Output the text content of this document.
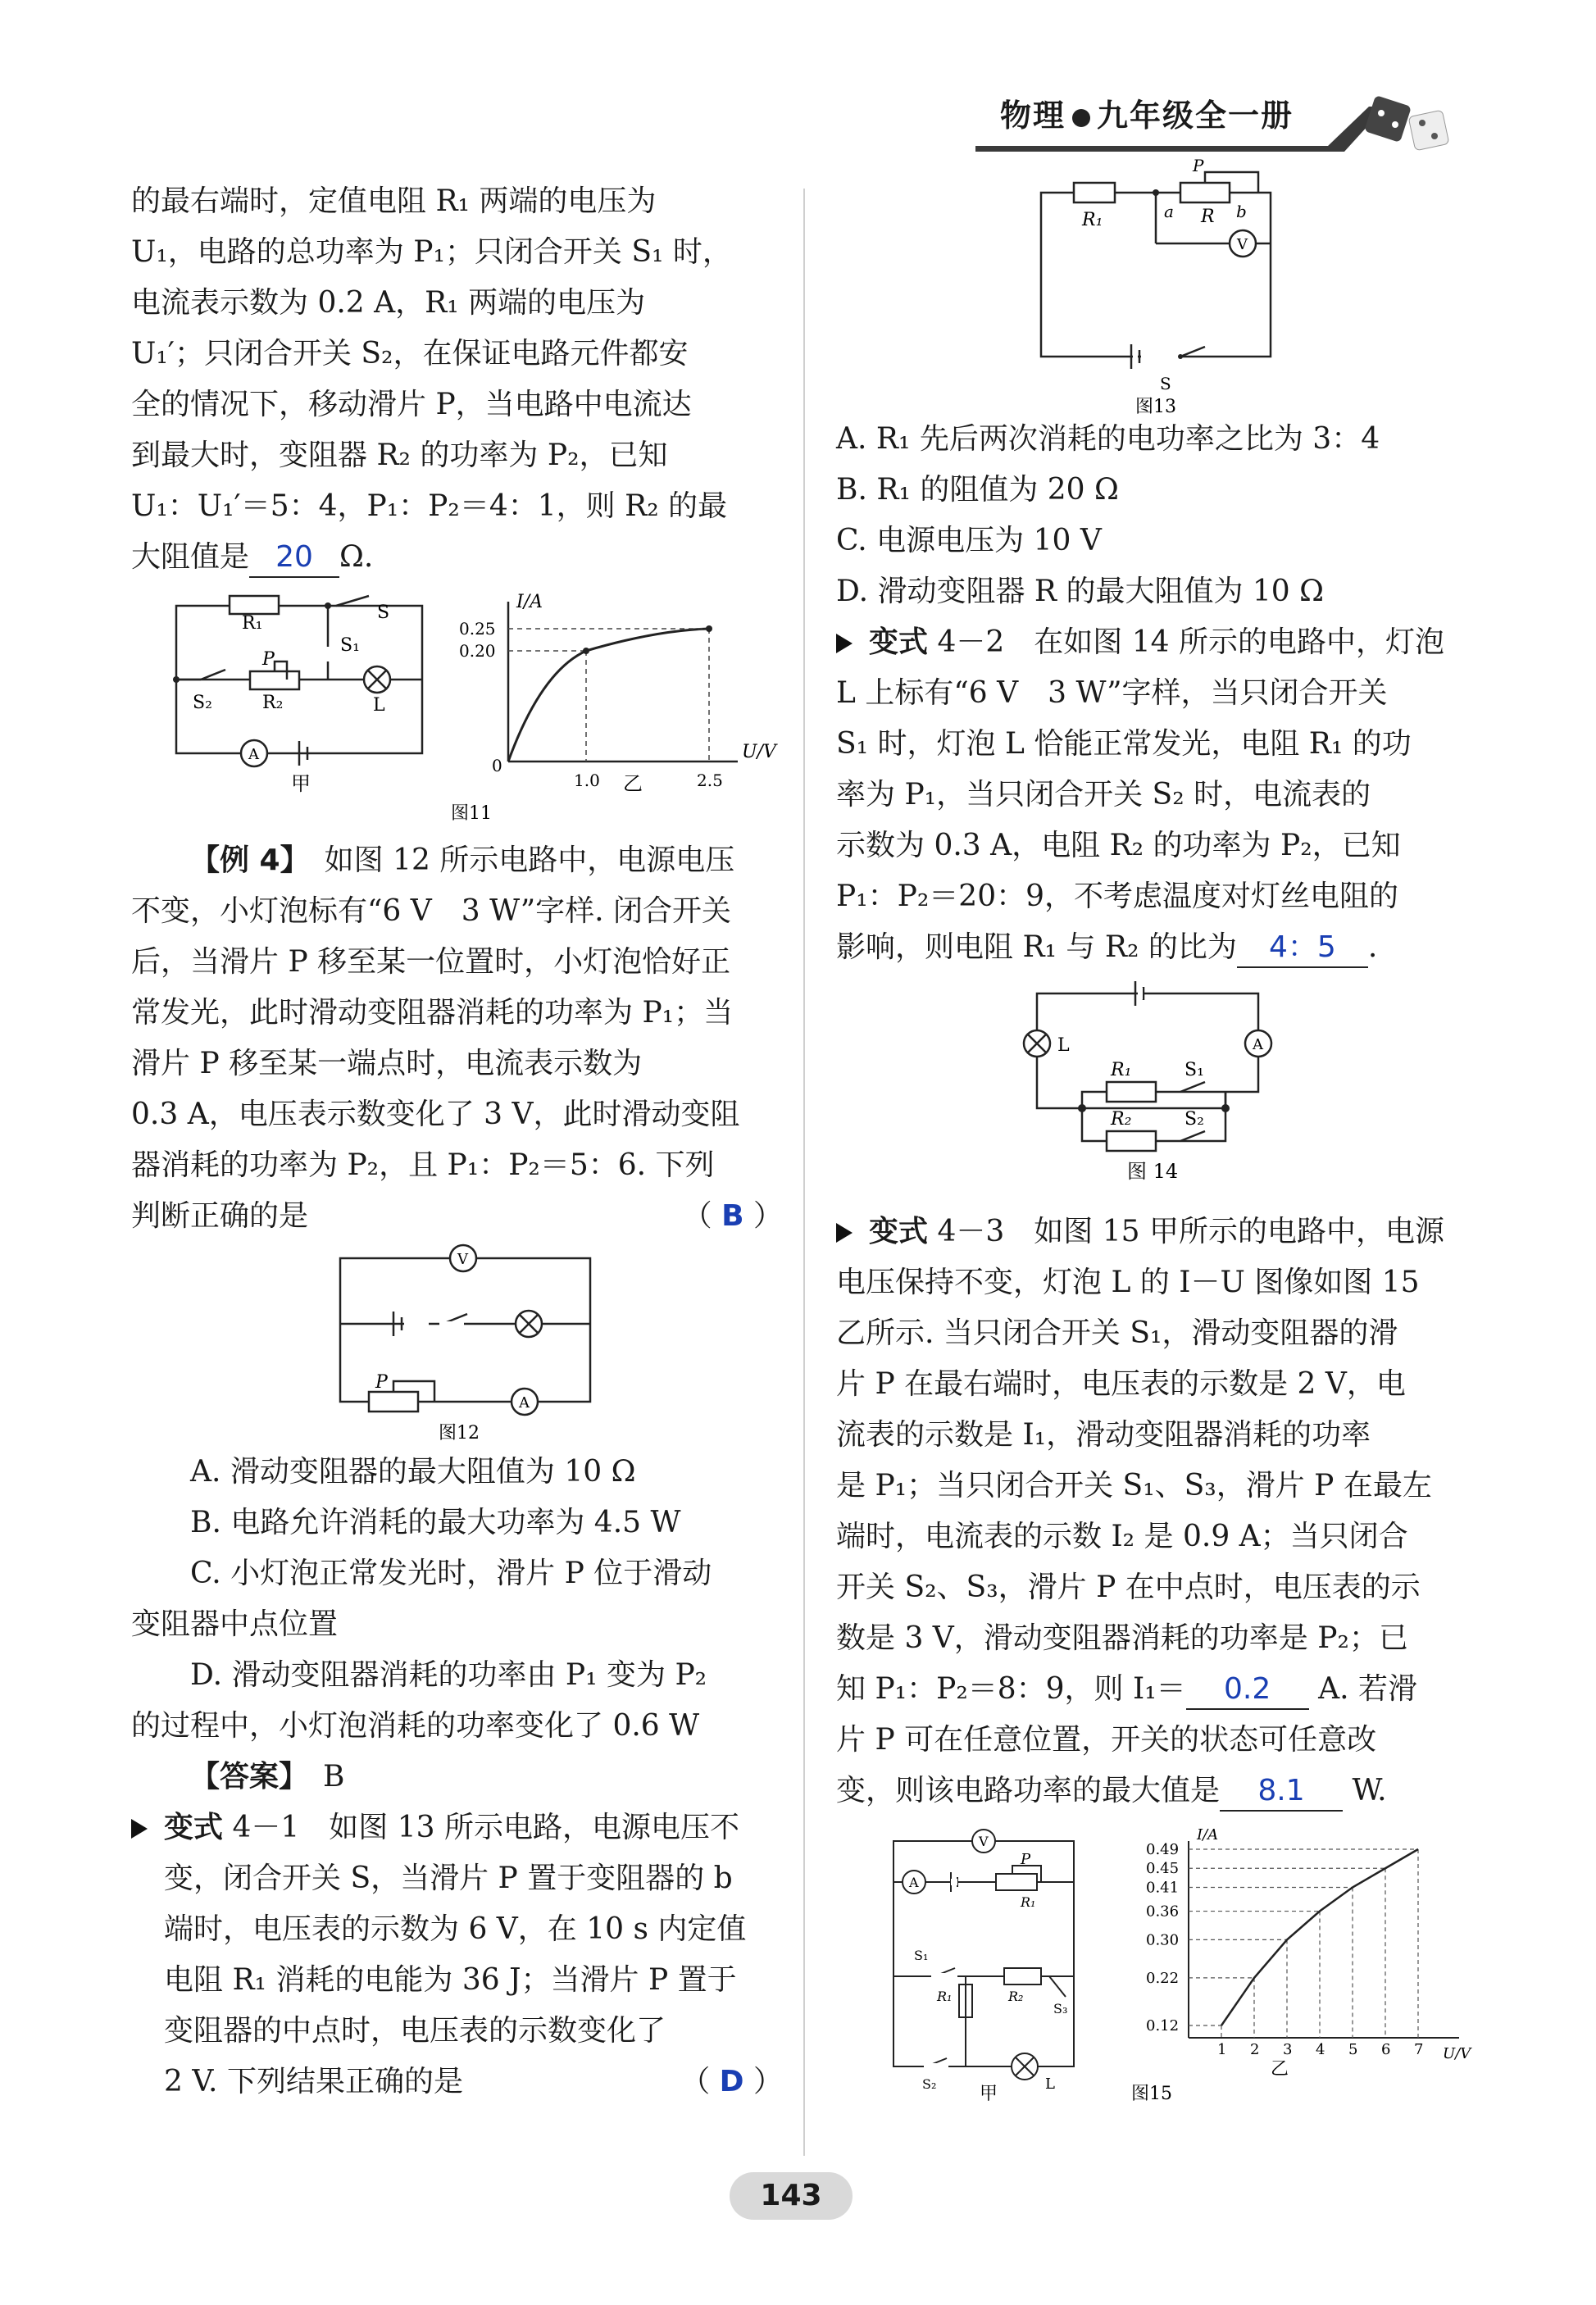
物理 九年级全一册

的最右端时，定值电阻 R₁ 两端的电压为

U₁，电路的总功率为 P₁；只闭合开关 S₁ 时，

电流表示数为 0.2 A，R₁ 两端的电压为

U₁′；只闭合开关 S₂，在保证电路元件都安

全的情况下，移动滑片 P，当电路中电流达

到最大时，变阻器 R₂ 的功率为 P₂，已知

U₁：U₁′＝5：4，P₁：P₂＝4：1，则 R₂ 的最

大阻值是 20 Ω.

R₁
S
S₁
S₂	R₂
P
L
A
甲
I/A
U/V
0
0.25
0.20
1.0	2.5
乙
图11

【例 4】　 如图 12 所示电路中，电源电压

不变，小灯泡标有“6 V　3 W”字样. 闭合开关

后，当滑片 P 移至某一位置时，小灯泡恰好正

常发光，此时滑动变阻器消耗的功率为 P₁；当

滑片 P 移至某一端点时，电流表示数为

0.3 A，电压表示数变化了 3 V，此时滑动变阻

器消耗的功率为 P₂，且 P₁：P₂＝5：6. 下列

判断正确的是	（ B ）

V
A
P
图12

A. 滑动变阻器的最大阻值为 10 Ω

B. 电路允许消耗的最大功率为 4.5 W

C. 小灯泡正常发光时，滑片 P 位于滑动

变阻器中点位置

D. 滑动变阻器消耗的功率由 P₁ 变为 P₂

的过程中，小灯泡消耗的功率变化了 0.6 W

【答案】　 B

变式 4－1　 如图 13 所示电路，电源电压不

变，闭合开关 S，当滑片 P 置于变阻器的 b

端时，电压表的示数为 6 V，在 10 s 内定值

电阻 R₁ 消耗的电能为 36 J；当滑片 P 置于

变阻器的中点时，电压表的示数变化了

2 V. 下列结果正确的是	（ D ）

R₁	R
P
a	b
V
S
图13

A. R₁ 先后两次消耗的电功率之比为 3：4

B. R₁ 的阻值为 20 Ω

C. 电源电压为 10 V

D. 滑动变阻器 R 的最大阻值为 10 Ω

变式 4－2　 在如图 14 所示的电路中，灯泡

L 上标有“6 V　3 W”字样，当只闭合开关

S₁ 时，灯泡 L 恰能正常发光，电阻 R₁ 的功

率为 P₁，当只闭合开关 S₂ 时，电流表的

示数为 0.3 A，电阻 R₂ 的功率为 P₂，已知

P₁：P₂＝20：9，不考虑温度对灯丝电阻的

影响，则电阻 R₁ 与 R₂ 的比为 4：5 .

L	A
R₁	S₁
R₂	S₂
图 14

变式 4－3　 如图 15 甲所示的电路中，电源

电压保持不变，灯泡 L 的 I－U 图像如图 15

乙所示. 当只闭合开关 S₁，滑动变阻器的滑

片 P 在最右端时，电压表的示数是 2 V，电

流表的示数是 I₁，滑动变阻器消耗的功率

是 P₁；当只闭合开关 S₁、S₃，滑片 P 在最左

端时，电流表的示数 I₂ 是 0.9 A；当只闭合

开关 S₂、S₃，滑片 P 在中点时，电压表的示

数是 3 V，滑动变阻器消耗的功率是 P₂；已

知 P₁：P₂＝8：9，则 I₁＝ 0.2 A. 若滑

片 P 可在任意位置，开关的状态可任意改

变，则该电路功率的最大值是 8.1 W.

1
0.12
2
0.22
3
0.30
4
0.36
5
0.41
6
0.45
7
0.49
V
A
P
R₁
R₂
R₁
S₁
S₃
S₂	L
甲
I/A
U/V
乙
图15
143
